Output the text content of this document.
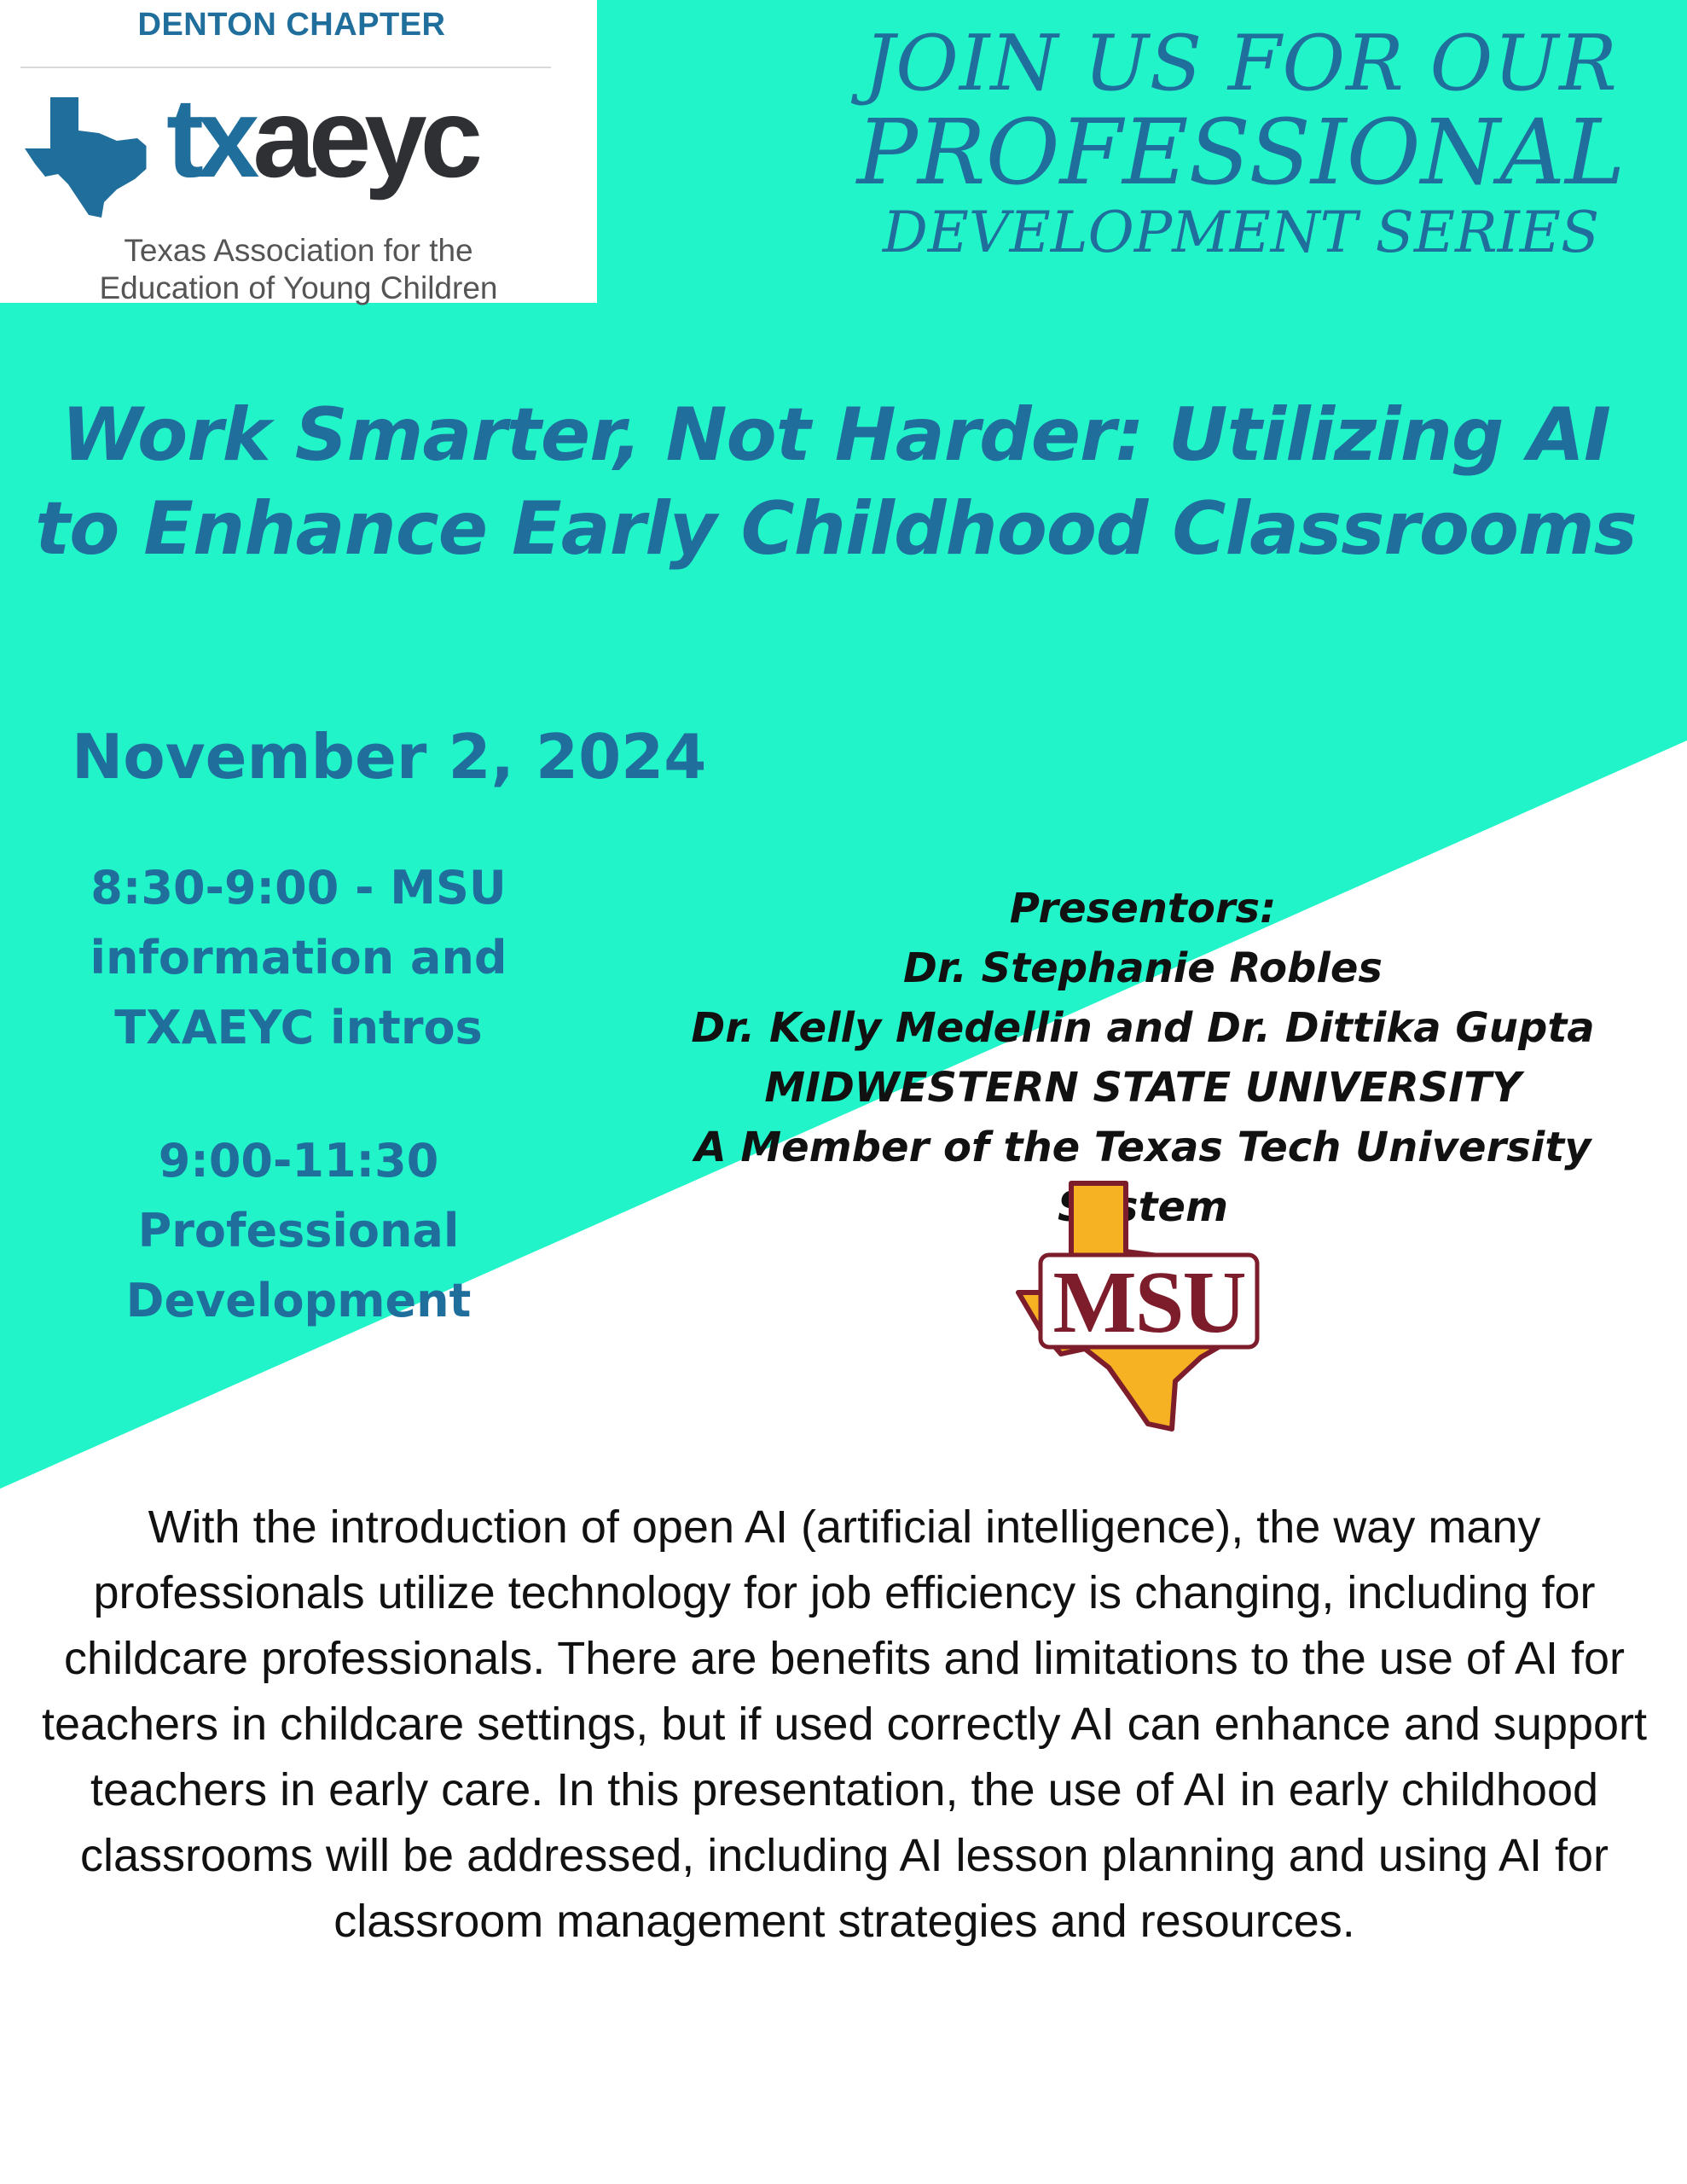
DENTON CHAPTER
txaeyc
Texas Association for the
Education of Young Children
JOIN US FOR OUR
PROFESSIONAL
DEVELOPMENT SERIES
Work Smarter, Not Harder: Utilizing AI
to Enhance Early Childhood Classrooms
November 2, 2024
8:30-9:00 - MSU
information and
TXAEYC intros
9:00-11:30
Professional
Development
Presentors:
Dr. Stephanie Robles
Dr. Kelly Medellin and Dr. Dittika Gupta
MIDWESTERN STATE UNIVERSITY
A Member of the Texas Tech University System
MSU
With the introduction of open AI (artificial intelligence), the way many professionals utilize technology for job efficiency is changing, including for childcare professionals. There are benefits and limitations to the use of AI for teachers in childcare settings, but if used correctly AI can enhance and support teachers in early care. In this presentation, the use of AI in early childhood classrooms will be addressed, including AI lesson planning and using AI for classroom management strategies and resources.
